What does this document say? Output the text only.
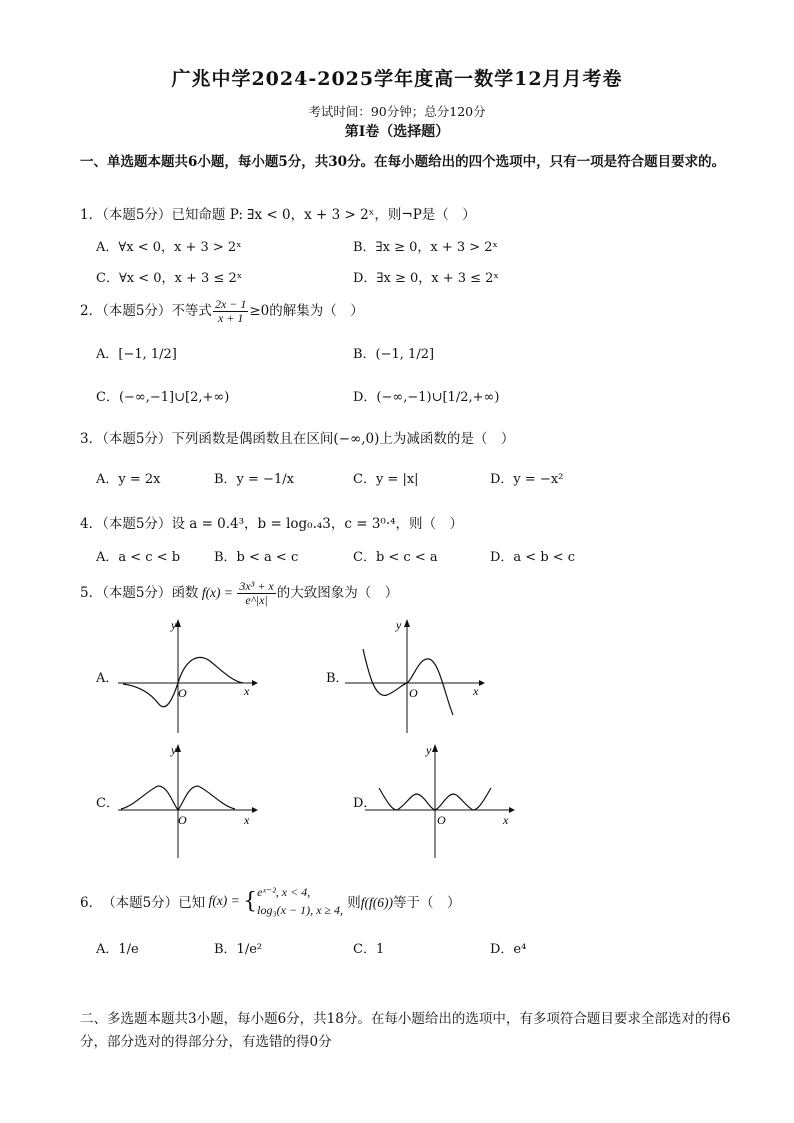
广兆中学2024-2025学年度高一数学12月月考卷
考试时间：90分钟；总分120分
第I卷（选择题）
一、单选题本题共6小题，每小题5分，共30分。在每小题给出的四个选项中，只有一项是符合题目要求的。
1．（本题5分）已知命题 P: ∃x < 0，x + 3 > 2ˣ，则¬P是（　）
A．∀x < 0，x + 3 > 2ˣ	B．∃x ≥ 0，x + 3 > 2ˣ
C．∀x < 0，x + 3 ≤ 2ˣ	D．∃x ≥ 0，x + 3 ≤ 2ˣ
2．（本题5分）不等式 $\frac{2x - 1}{x + 1} \ge 0$的解集为（　）
A．[−1, 1/2]	B．(−1, 1/2]
C．(−∞,−1]∪[2,+∞)	D．(−∞,−1)∪[1/2,+∞)
3．（本题5分）下列函数是偶函数且在区间(−∞,0)上为减函数的是（　）
A．y = 2x	B．y = −1/x	C．y = |x|	D．y = −x²
4．（本题5分）设 a = 0.4³，b = log₀.₄3，c = 3⁰·⁴，则（　）
A．a < c < b	B．b < a < c	C．b < c < a	D．a < b < c
5．（本题5分）函数 $f(x) = \frac{\text{3x³ + x}}{e\^{}|x|}$ 的大致图象为（　）
A．	B．
C．	D．
y
x
O
y
x
O
y
x
O
y
x
O
6． （本题5分） 已知 f(x) = { eˣ⁻², x < 4,
log₃(x − 1), x ≥ 4, 则f(f(6))等于（　）
A．1/e	B．1/e²	C．1	D．e⁴
二、多选题本题共3小题，每小题6分，共18分。在每小题给出的选项中，有多项符合题目要求全部选对的得6分，部分选对的得部分分，有选错的得0分
